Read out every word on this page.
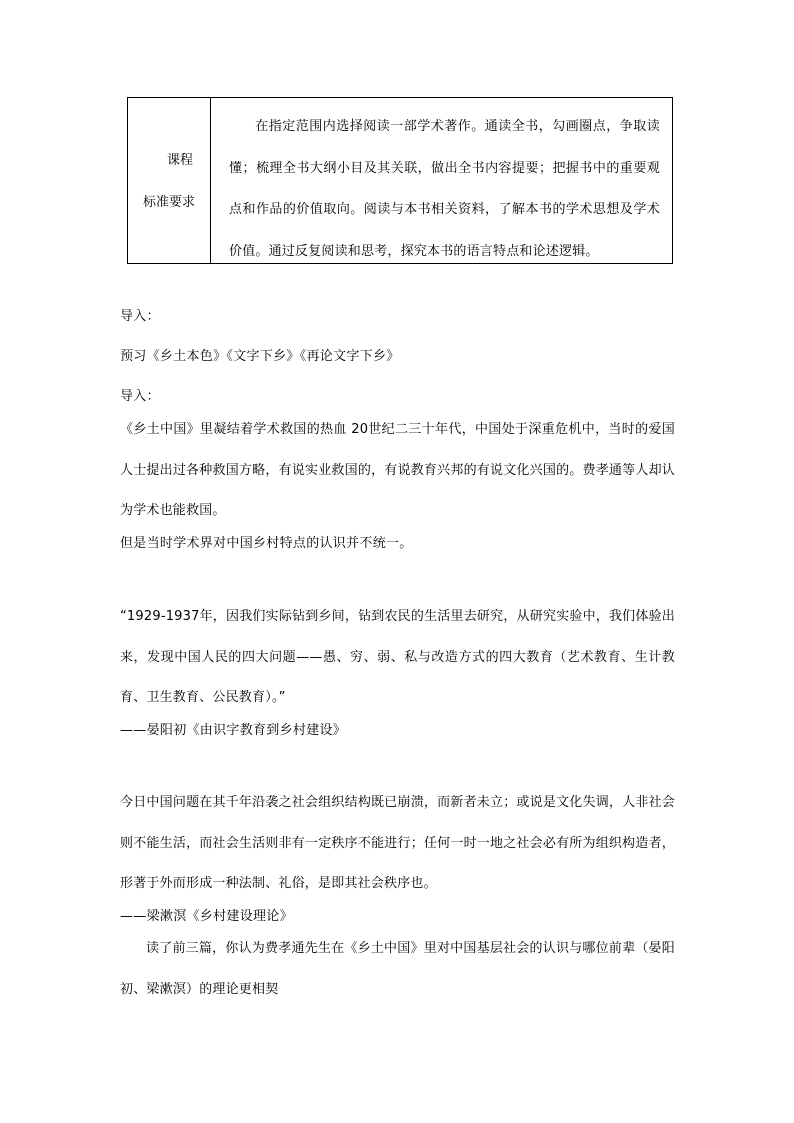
课程
标准要求
在指定范围内选择阅读一部学术著作。通读全书，勾画圈点，争取读懂；梳理全书大纲小目及其关联，做出全书内容提要；把握书中的重要观点和作品的价值取向。阅读与本书相关资料，了解本书的学术思想及学术价值。通过反复阅读和思考，探究本书的语言特点和论述逻辑。
导入：
预习《乡土本色》《文字下乡》《再论文字下乡》
导入：
《乡土中国》里凝结着学术救国的热血 20世纪二三十年代，中国处于深重危机中，当时的爱国人士提出过各种救国方略，有说实业救国的，有说教育兴邦的有说文化兴国的。费孝通等人却认为学术也能救国。
但是当时学术界对中国乡村特点的认识并不统一。
“1929-1937年，因我们实际钻到乡间，钻到农民的生活里去研究，从研究实验中，我们体验出来，发现中国人民的四大问题——愚、穷、弱、私与改造方式的四大教育（艺术教育、生计教育、卫生教育、公民教育）。”
——晏阳初《由识字教育到乡村建设》
今日中国问题在其千年沿袭之社会组织结构既已崩溃，而新者未立；或说是文化失调，人非社会则不能生活，而社会生活则非有一定秩序不能进行；任何一时一地之社会必有所为组织构造者，形著于外而形成一种法制、礼俗，是即其社会秩序也。
——梁漱溟《乡村建设理论》
读了前三篇，你认为费孝通先生在《乡土中国》里对中国基层社会的认识与哪位前辈（晏阳初、梁漱溟）的理论更相契
